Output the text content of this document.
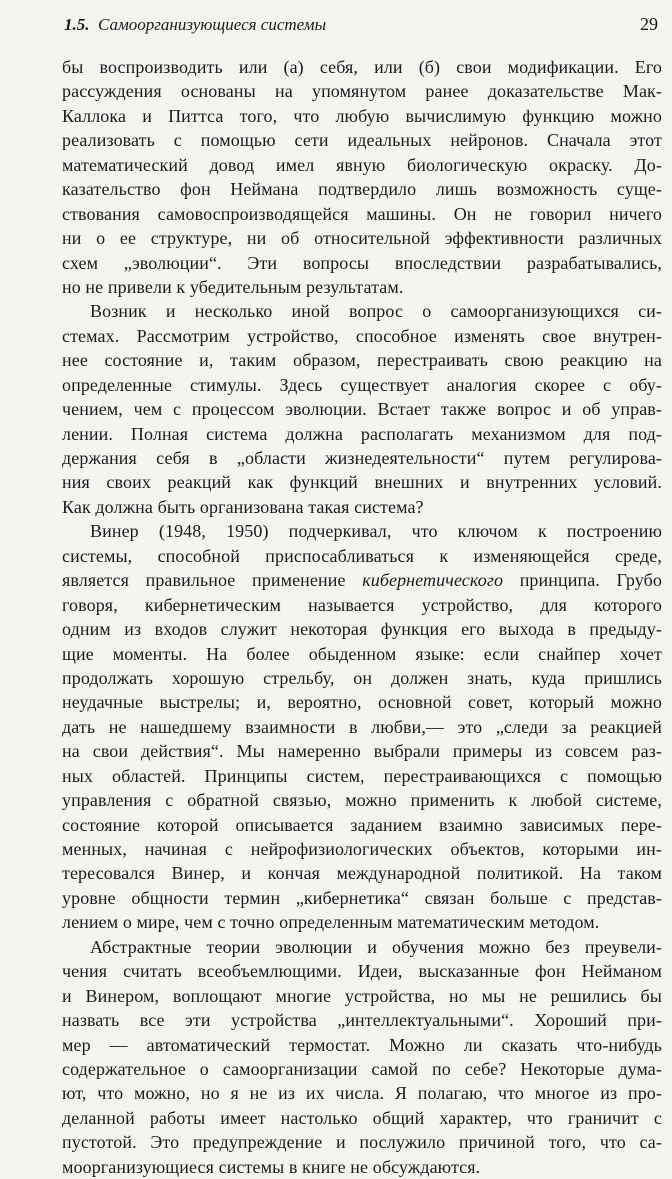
1.5. Самоорганизующиеся системы	29
бы воспроизводить или (а) себя, или (б) свои модификации. Его
рассуждения основаны на упомянутом ранее доказательстве Мак-
Каллока и Питтса того, что любую вычислимую функцию можно
реализовать с помощью сети идеальных нейронов. Сначала этот
математический довод имел явную биологическую окраску. До-
казательство фон Неймана подтвердило лишь возможность суще-
ствования самовоспроизводящейся машины. Он не говорил ничего
ни о ее структуре, ни об относительной эффективности различных
схем „эволюции“. Эти вопросы впоследствии разрабатывались,
но не привели к убедительным результатам.
Возник и несколько иной вопрос о самоорганизующихся си-
стемах. Рассмотрим устройство, способное изменять свое внутрен-
нее состояние и, таким образом, перестраивать свою реакцию на
определенные стимулы. Здесь существует аналогия скорее с обу-
чением, чем с процессом эволюции. Встает также вопрос и об управ-
лении. Полная система должна располагать механизмом для под-
держания себя в „области жизнедеятельности“ путем регулирова-
ния своих реакций как функций внешних и внутренних условий.
Как должна быть организована такая система?
Винер (1948, 1950) подчеркивал, что ключом к построению
системы, способной приспосабливаться к изменяющейся среде,
является правильное применение кибернетического принципа. Грубо
говоря, кибернетическим называется устройство, для которого
одним из входов служит некоторая функция его выхода в предыду-
щие моменты. На более обыденном языке: если снайпер хочет
продолжать хорошую стрельбу, он должен знать, куда пришлись
неудачные выстрелы; и, вероятно, основной совет, который можно
дать не нашедшему взаимности в любви,— это „следи за реакцией
на свои действия“. Мы намеренно выбрали примеры из совсем раз-
ных областей. Принципы систем, перестраивающихся с помощью
управления с обратной связью, можно применить к любой системе,
состояние которой описывается заданием взаимно зависимых пере-
менных, начиная с нейрофизиологических объектов, которыми ин-
тересовался Винер, и кончая международной политикой. На таком
уровне общности термин „кибернетика“ связан больше с представ-
лением о мире, чем с точно определенным математическим методом.
Абстрактные теории эволюции и обучения можно без преувели-
чения считать всеобъемлющими. Идеи, высказанные фон Нейманом
и Винером, воплощают многие устройства, но мы не решились бы
назвать все эти устройства „интеллектуальными“. Хороший при-
мер — автоматический термостат. Можно ли сказать что-нибудь
содержательное о самоорганизации самой по себе? Некоторые дума-
ют, что можно, но я не из их числа. Я полагаю, что многое из про-
деланной работы имеет настолько общий характер, что граничит с
пустотой. Это предупреждение и послужило причиной того, что са-
моорганизующиеся системы в книге не обсуждаются.
